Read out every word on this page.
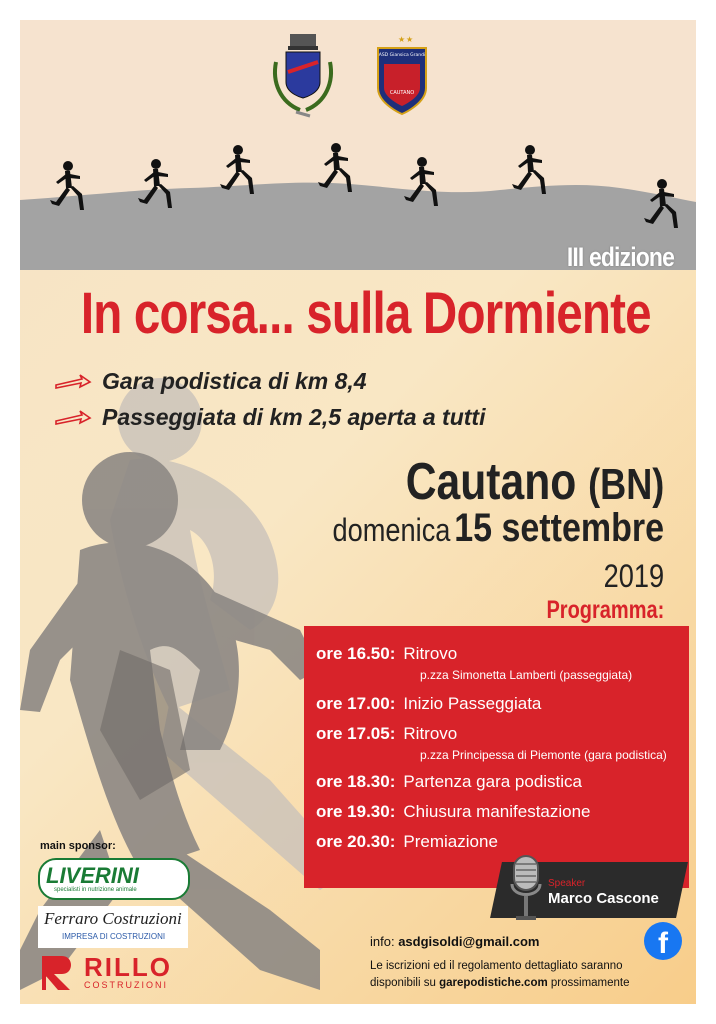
★ ★
ASD Giansica Grandi
CAUTANO
III edizione
In corsa... sulla Dormiente
Gara podistica di km 8,4
Passeggiata di km 2,5 aperta a tutti
Cautano (BN)
domenica 15 settembre
2019
Programma:
ore 16.50: Ritrovo
p.zza Simonetta Lamberti (passeggiata)
ore 17.00: Inizio Passeggiata
ore 17.05: Ritrovo
p.zza Principessa di Piemonte (gara podistica)
ore 18.30: Partenza gara podistica
ore 19.30: Chiusura manifestazione
ore 20.30: Premiazione
Speaker
Marco Cascone
main sponsor:
LIVERINI
specialisti in nutrizione animale
Ferraro Costruzioni
IMPRESA DI COSTRUZIONI
RILLO
COSTRUZIONI
info: asdgisoldi@gmail.com	f
Le iscrizioni ed il regolamento dettagliato saranno
disponibili su garepodistiche.com prossimamente
